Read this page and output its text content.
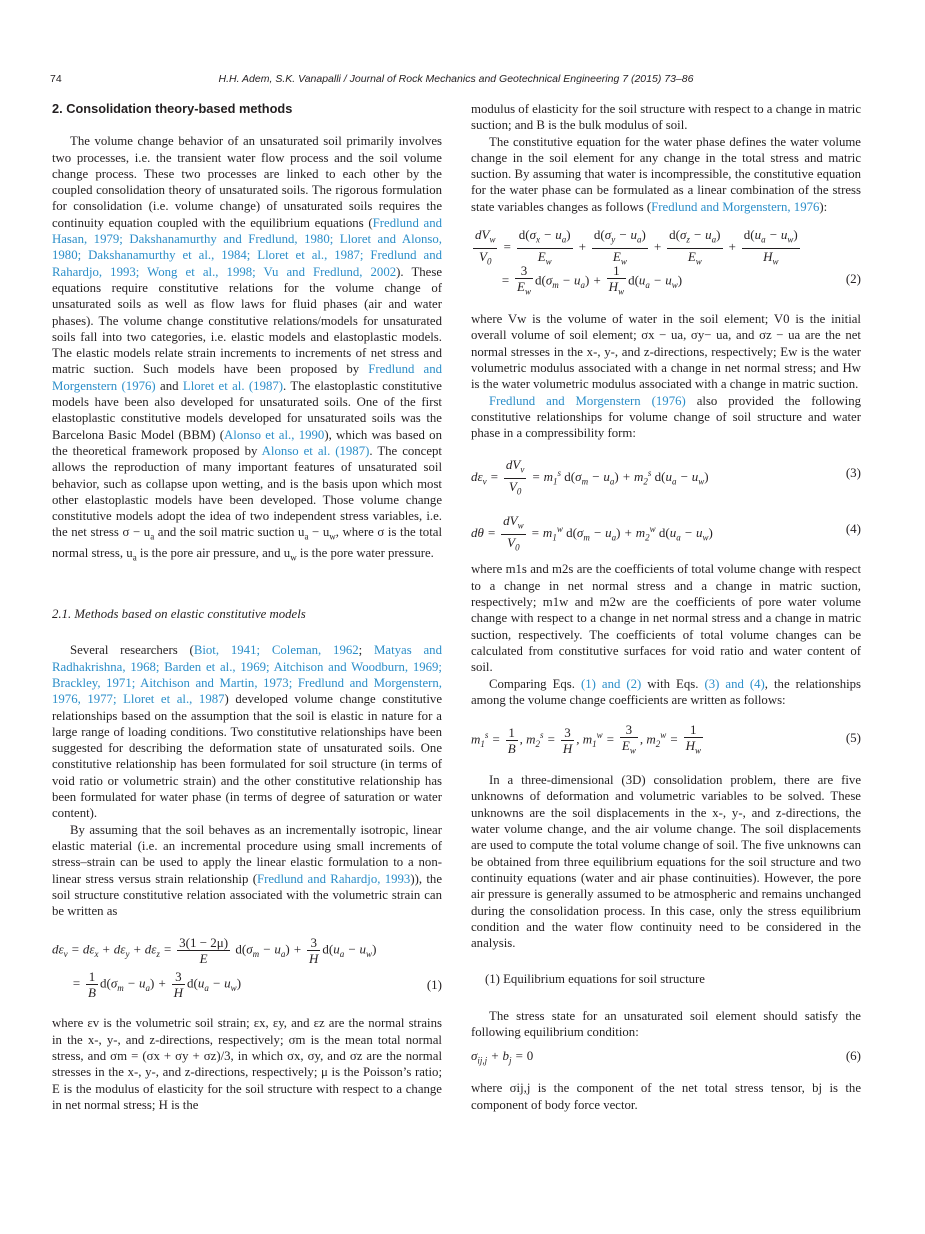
74	H.H. Adem, S.K. Vanapalli / Journal of Rock Mechanics and Geotechnical Engineering 7 (2015) 73–86
2. Consolidation theory-based methods

The volume change behavior of an unsaturated soil primarily involves two processes, i.e. the transient water flow process and the soil volume change process. These two processes are linked to each other by the coupled consolidation theory of unsaturated soils. The rigorous formulation for consolidation (i.e. volume change) of unsaturated soils requires the continuity equation coupled with the equilibrium equations (Fredlund and Hasan, 1979; Dakshanamurthy and Fredlund, 1980; Lloret and Alonso, 1980; Dakshanamurthy et al., 1984; Lloret et al., 1987; Fredlund and Rahardjo, 1993; Wong et al., 1998; Vu and Fredlund, 2002). These equations require constitutive relations for the volume change of unsaturated soils as well as flow laws for fluid phases (air and water phases). The volume change constitutive relations/models for unsaturated soils fall into two categories, i.e. elastic models and elastoplastic models. The elastic models relate strain increments to increments of net stress and matric suction. Such models have been proposed by Fredlund and Morgenstern (1976) and Lloret et al. (1987). The elastoplastic constitutive models have been also developed for unsaturated soils. One of the first elastoplastic constitutive models developed for unsaturated soils was the Barcelona Basic Model (BBM) (Alonso et al., 1990), which was based on the theoretical framework proposed by Alonso et al. (1987). The concept allows the reproduction of many important features of unsaturated soil behavior, such as collapse upon wetting, and is the basis upon which most other elastoplastic models have been developed. Those volume change constitutive models adopt the idea of two independent stress variables, i.e. the net stress $\sigma - u_a$ and the soil matric suction $u_a - u_w$, where σ is the total normal stress, $u_a$ is the pore air pressure, and $u_w$ is the pore water pressure.

2.1. Methods based on elastic constitutive models

Several researchers (Biot, 1941; Coleman, 1962; Matyas and Radhakrishna, 1968; Barden et al., 1969; Aitchison and Woodburn, 1969; Brackley, 1971; Aitchison and Martin, 1973; Fredlund and Morgenstern, 1976, 1977; Lloret et al., 1987) developed volume change constitutive relationships based on the assumption that the soil is elastic in nature for a large range of loading conditions. Two constitutive relationships have been suggested for describing the deformation state of unsaturated soils. One constitutive relationship has been formulated for soil structure (in terms of void ratio or volumetric strain) and the other constitutive relationship has been formulated for water phase (in terms of degree of saturation or water content).

By assuming that the soil behaves as an incrementally isotropic, linear elastic material (i.e. an incremental procedure using small increments of stress–strain can be used to apply the linear elastic formulation to a non-linear stress versus strain relationship (Fredlund and Rahardjo, 1993)), the soil structure constitutive relation associated with the volumetric strain can be written as

$d\varepsilon_v = d\varepsilon_x + d\varepsilon_y + d\varepsilon_z = \frac{3(1 - 2\mu)}{E} d(\sigma_m - u_a) + \frac{3}{H} d(u_a - u_w)$
= $\frac{1}{B} d(\sigma_m - u_a) + \frac{3}{H} d(u_a - u_w)$	(1)

where εv is the volumetric soil strain; εx, εy, and εz are the normal strains in the x-, y-, and z-directions, respectively; σm is the mean total normal stress, and σm = (σx + σy + σz)/3, in which σx, σy, and σz are the normal stresses in the x-, y-, and z-directions, respectively; μ is the Poisson’s ratio; E is the modulus of elasticity for the soil structure with respect to a change in net normal stress; H is the

modulus of elasticity for the soil structure with respect to a change in matric suction; and B is the bulk modulus of soil.

The constitutive equation for the water phase defines the water volume change in the soil element for any change in the total stress and matric suction. By assuming that water is incompressible, the constitutive equation for the water phase can be formulated as a linear combination of the stress state variables changes as follows (Fredlund and Morgenstern, 1976):

$\frac{dV_w}{V_0} = \frac{d(\sigma_x - u_a)}{E_w} + \frac{d(\sigma_y - u_a)}{E_w} + \frac{d(\sigma_z - u_a)}{E_w} + \frac{d(u_a - u_w)}{H_w}$
= $\frac{3}{E_w} d(\sigma_m - u_a) + \frac{1}{H_w} d(u_a - u_w)$	(2)

where Vw is the volume of water in the soil element; V0 is the initial overall volume of soil element; σx − ua, σy− ua, and σz − ua are the net normal stresses in the x-, y-, and z-directions, respectively; Ew is the water volumetric modulus associated with a change in net normal stress; and Hw is the water volumetric modulus associated with a change in matric suction.

Fredlund and Morgenstern (1976) also provided the following constitutive relationships for volume change of soil structure and water phase in a compressibility form:

$d\varepsilon_v = \frac{dV_v}{V_0} = m_1^s$ $d(\sigma_m - u_a) + m_2^s$ $d(u_a - u_w)$	(3)
$d\theta = \frac{dV_w}{V_0} = m_1^w$ $d(\sigma_m - u_a) + m_2^w$ $d(u_a - u_w)$	(4)

where m1s and m2s are the coefficients of total volume change with respect to a change in net normal stress and a change in matric suction, respectively; m1w and m2w are the coefficients of pore water volume change with respect to a change in net normal stress and a change in matric suction, respectively. The coefficients of total volume changes can be calculated from constitutive surfaces for void ratio and water content of soil.

Comparing Eqs. (1) and (2) with Eqs. (3) and (4), the relationships among the volume change coefficients are written as follows:

$m_1^s = \frac{1}{B}$ , $m_2^s = \frac{3}{H}$ , $m_1^w = \frac{3}{E_w}$ , $m_2^w = \frac{1}{H_w}$	(5)

In a three-dimensional (3D) consolidation problem, there are five unknowns of deformation and volumetric variables to be solved. These unknowns are the soil displacements in the x-, y-, and z-directions, the water volume change, and the air volume change. The soil displacements are used to compute the total volume change of soil. The five unknowns can be obtained from three equilibrium equations for the soil structure and two continuity equations (water and air phase continuities). However, the pore air pressure is generally assumed to be atmospheric and remains unchanged during the consolidation process. In this case, only the stress equilibrium condition and the water flow continuity need to be considered in the analysis.

(1) Equilibrium equations for soil structure

The stress state for an unsaturated soil element should satisfy the following equilibrium condition:

$\sigma_{ij,j} + b_j = 0$	(6)

where σij,j is the component of the net total stress tensor, bj is the component of body force vector.
